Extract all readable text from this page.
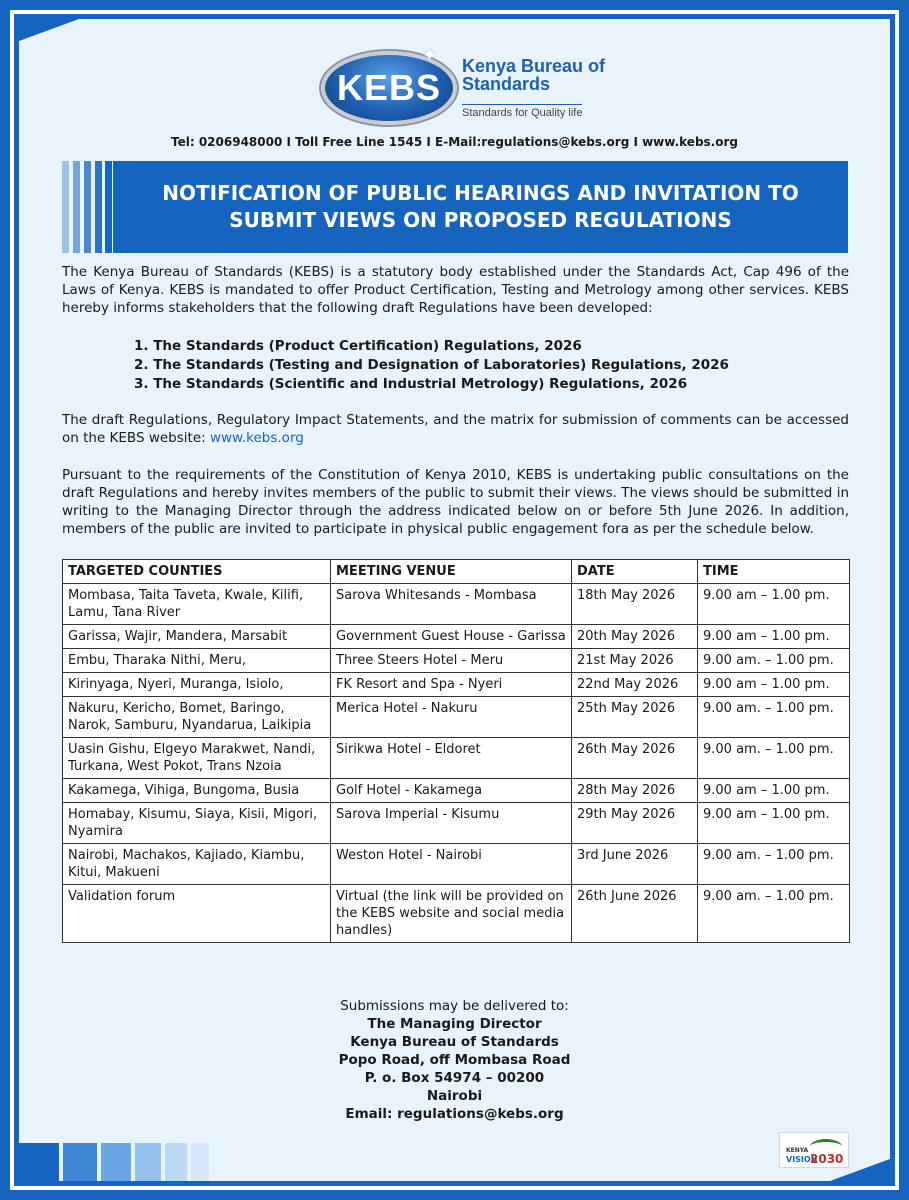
KEBS
✦ Kenya Bureau of Standards
Standards for Quality life
Tel: 0206948000 I Toll Free Line 1545 I E-Mail:regulations@kebs.org I www.kebs.org
NOTIFICATION OF PUBLIC HEARINGS AND INVITATION TO
SUBMIT VIEWS ON PROPOSED REGULATIONS
The Kenya Bureau of Standards (KEBS) is a statutory body established under the Standards Act, Cap 496 of the Laws of Kenya. KEBS is mandated to offer Product Certification, Testing and Metrology among other services. KEBS hereby informs stakeholders that the following draft Regulations have been developed:
1. The Standards (Product Certification) Regulations, 2026
2. The Standards (Testing and Designation of Laboratories) Regulations, 2026
3. The Standards (Scientific and Industrial Metrology) Regulations, 2026
The draft Regulations, Regulatory Impact Statements, and the matrix for submission of comments can be accessed on the KEBS website: www.kebs.org
Pursuant to the requirements of the Constitution of Kenya 2010, KEBS is undertaking public consultations on the draft Regulations and hereby invites members of the public to submit their views. The views should be submitted in writing to the Managing Director through the address indicated below on or before 5th June 2026. In addition, members of the public are invited to participate in physical public engagement fora as per the schedule below.
TARGETED COUNTIES	MEETING VENUE	DATE	TIME
Mombasa, Taita Taveta, Kwale, Kilifi, Lamu, Tana River	Sarova Whitesands - Mombasa	18th May 2026	9.00 am – 1.00 pm.
Garissa, Wajir, Mandera, Marsabit	Government Guest House - Garissa	20th May 2026	9.00 am – 1.00 pm.
Embu, Tharaka Nithi, Meru,	Three Steers Hotel - Meru	21st May 2026	9.00 am. – 1.00 pm.
Kirinyaga, Nyeri, Muranga, Isiolo,	FK Resort and Spa - Nyeri	22nd May 2026	9.00 am – 1.00 pm.
Nakuru, Kericho, Bomet, Baringo, Narok, Samburu, Nyandarua, Laikipia	Merica Hotel - Nakuru	25th May 2026	9.00 am. – 1.00 pm.
Uasin Gishu, Elgeyo Marakwet, Nandi, Turkana, West Pokot, Trans Nzoia	Sirikwa Hotel - Eldoret	26th May 2026	9.00 am. – 1.00 pm.
Kakamega, Vihiga, Bungoma, Busia	Golf Hotel - Kakamega	28th May 2026	9.00 am – 1.00 pm.
Homabay, Kisumu, Siaya, Kisii, Migori, Nyamira	Sarova Imperial - Kisumu	29th May 2026	9.00 am – 1.00 pm.
Nairobi, Machakos, Kajiado, Kiambu, Kitui, Makueni	Weston Hotel - Nairobi	3rd June 2026	9.00 am. – 1.00 pm.
Validation forum	Virtual (the link will be provided on the KEBS website and social media handles)	26th June 2026	9.00 am. – 1.00 pm.
Submissions may be delivered to:
The Managing Director
Kenya Bureau of Standards
Popo Road, off Mombasa Road
P. o. Box 54974 – 00200
Nairobi
Email: regulations@kebs.org
KENYA
VISION
2030
